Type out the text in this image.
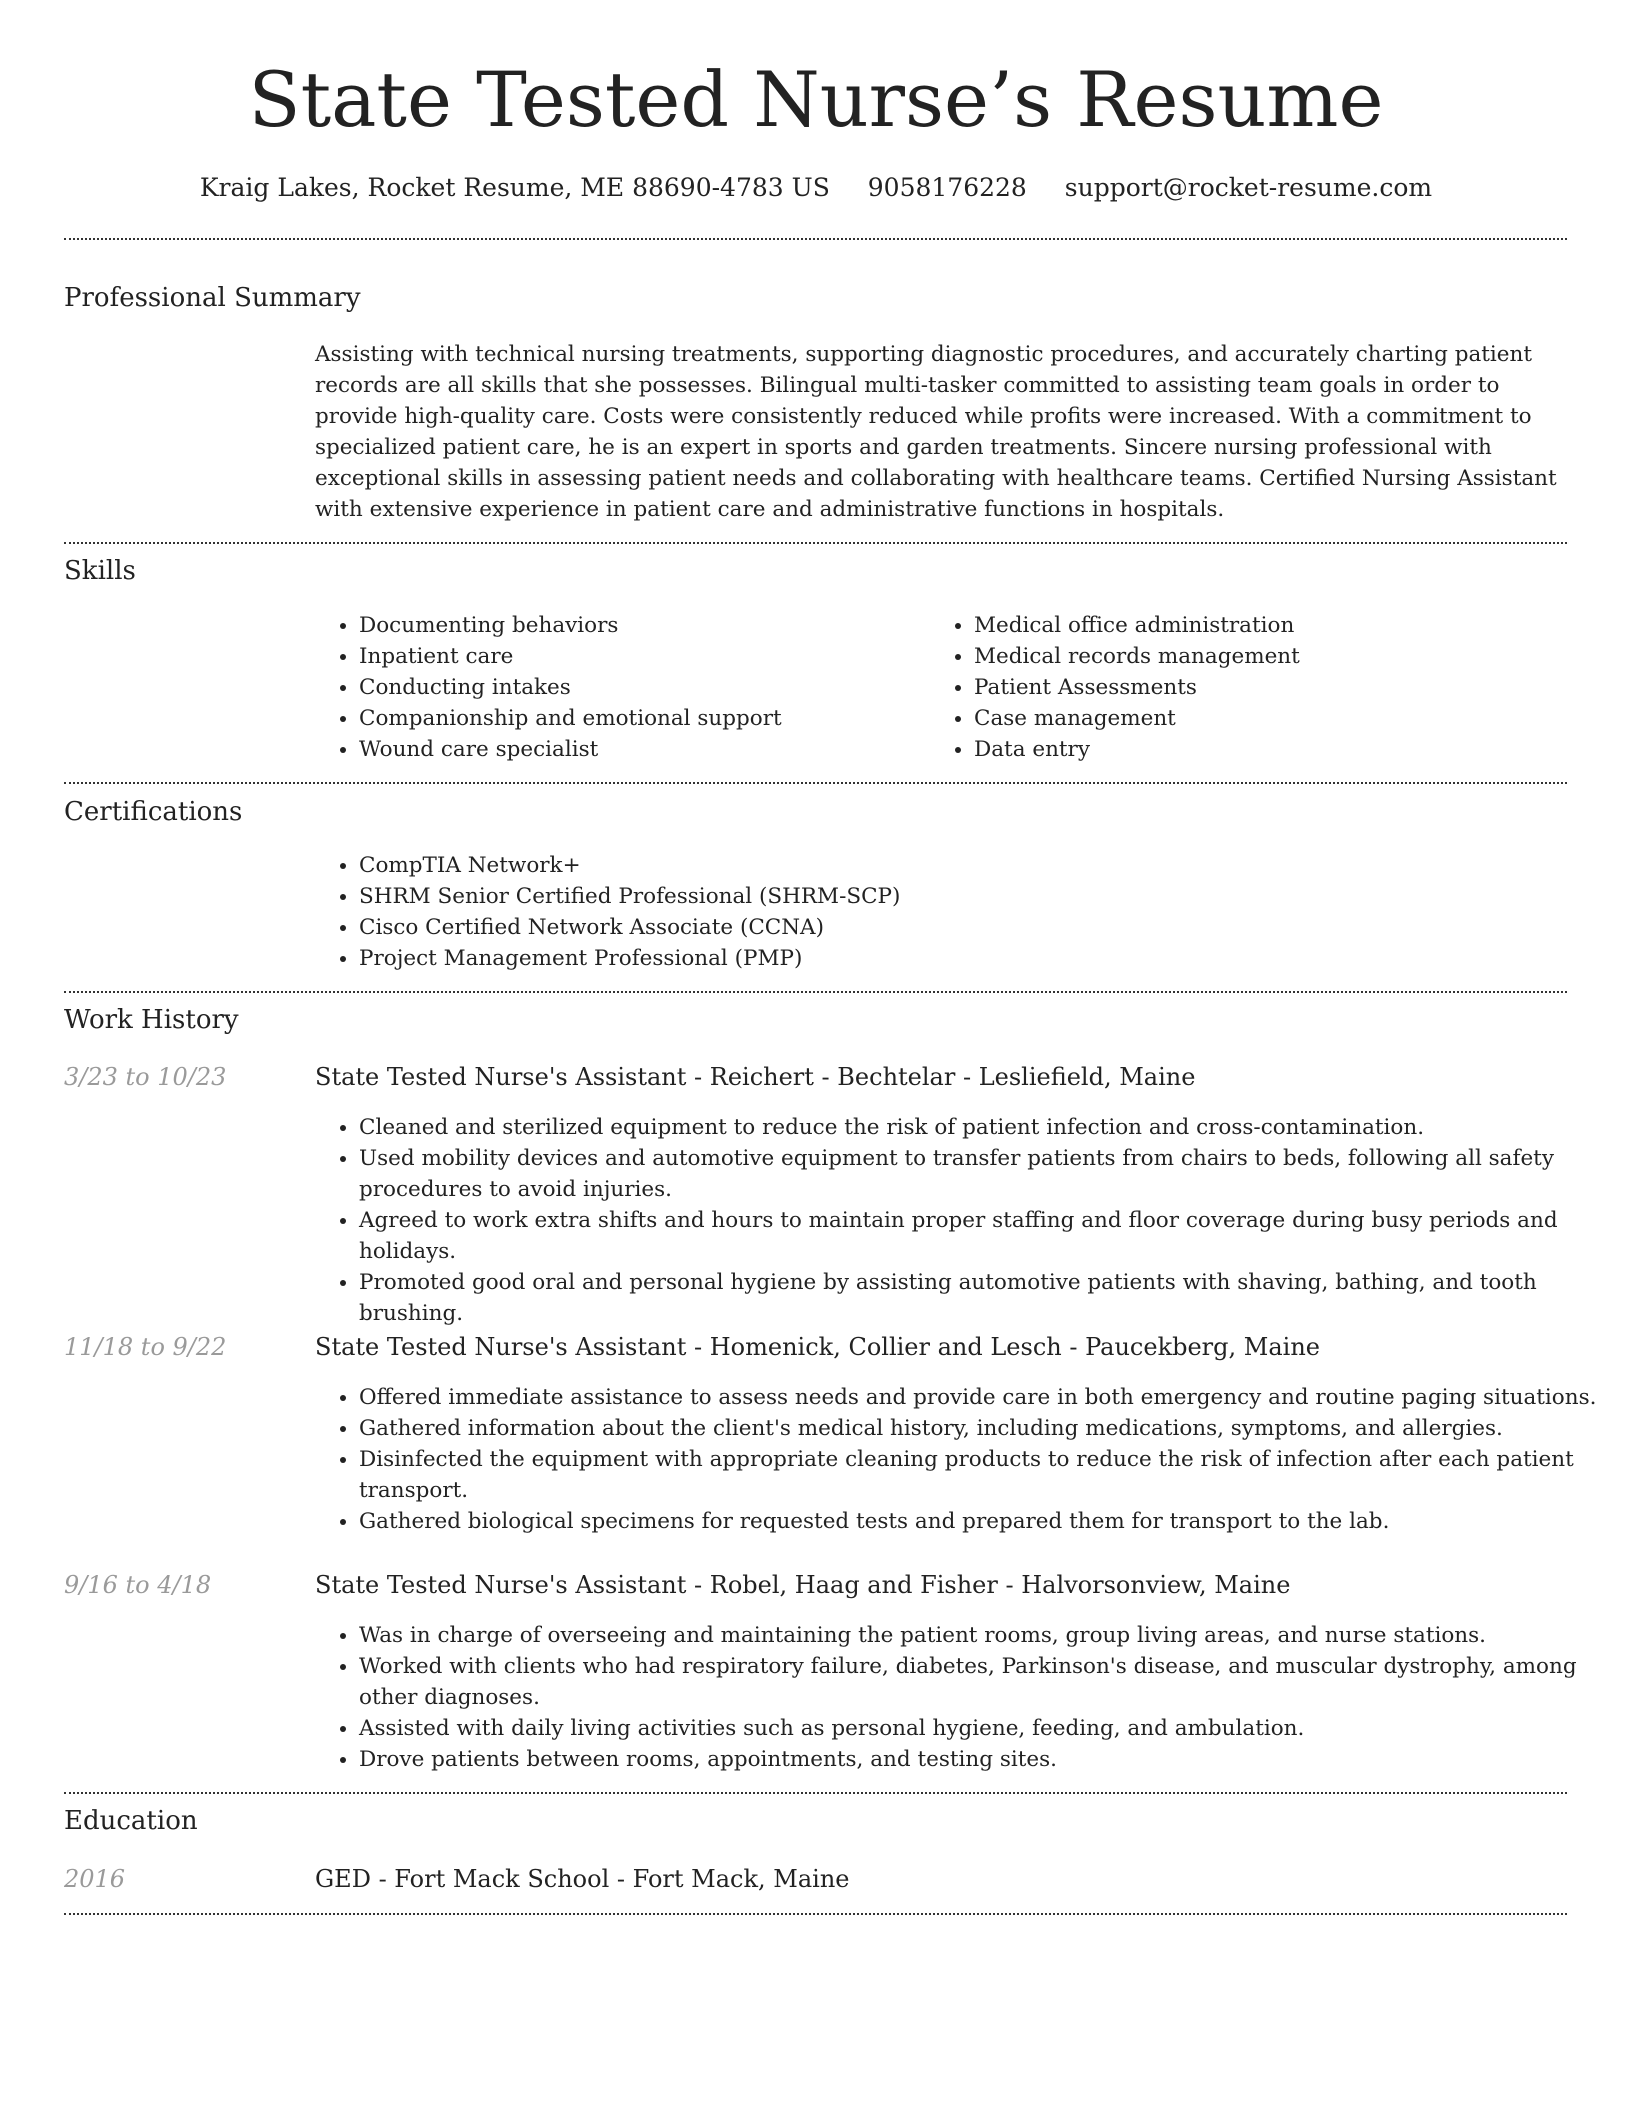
State Tested Nurse’s Resume
Kraig Lakes, Rocket Resume, ME 88690-4783 US 9058176228 support@rocket-resume.com
Professional Summary
Assisting with technical nursing treatments, supporting diagnostic procedures, and accurately charting patient records are all skills that she possesses. Bilingual multi-tasker committed to assisting team goals in order to provide high-quality care. Costs were consistently reduced while profits were increased. With a commitment to specialized patient care, he is an expert in sports and garden treatments. Sincere nursing professional with exceptional skills in assessing patient needs and collaborating with healthcare teams. Certified Nursing Assistant with extensive experience in patient care and administrative functions in hospitals.
Skills
• Documenting behaviors
• Inpatient care
• Conducting intakes
• Companionship and emotional support
• Wound care specialist
• Medical office administration
• Medical records management
• Patient Assessments
• Case management
• Data entry
Certifications
• CompTIA Network+
• SHRM Senior Certified Professional (SHRM-SCP)
• Cisco Certified Network Associate (CCNA)
• Project Management Professional (PMP)
Work History
3/23 to 10/23	State Tested Nurse's Assistant - Reichert - Bechtelar - Lesliefield, Maine
• Cleaned and sterilized equipment to reduce the risk of patient infection and cross-contamination.
• Used mobility devices and automotive equipment to transfer patients from chairs to beds, following all safety procedures to avoid injuries.
• Agreed to work extra shifts and hours to maintain proper staffing and floor coverage during busy periods and holidays.
• Promoted good oral and personal hygiene by assisting automotive patients with shaving, bathing, and tooth brushing.
11/18 to 9/22	State Tested Nurse's Assistant - Homenick, Collier and Lesch - Paucekberg, Maine
• Offered immediate assistance to assess needs and provide care in both emergency and routine paging situations.
• Gathered information about the client's medical history, including medications, symptoms, and allergies.
• Disinfected the equipment with appropriate cleaning products to reduce the risk of infection after each patient transport.
• Gathered biological specimens for requested tests and prepared them for transport to the lab.
9/16 to 4/18	State Tested Nurse's Assistant - Robel, Haag and Fisher - Halvorsonview, Maine
• Was in charge of overseeing and maintaining the patient rooms, group living areas, and nurse stations.
• Worked with clients who had respiratory failure, diabetes, Parkinson's disease, and muscular dystrophy, among other diagnoses.
• Assisted with daily living activities such as personal hygiene, feeding, and ambulation.
• Drove patients between rooms, appointments, and testing sites.
Education
2016	GED - Fort Mack School - Fort Mack, Maine
